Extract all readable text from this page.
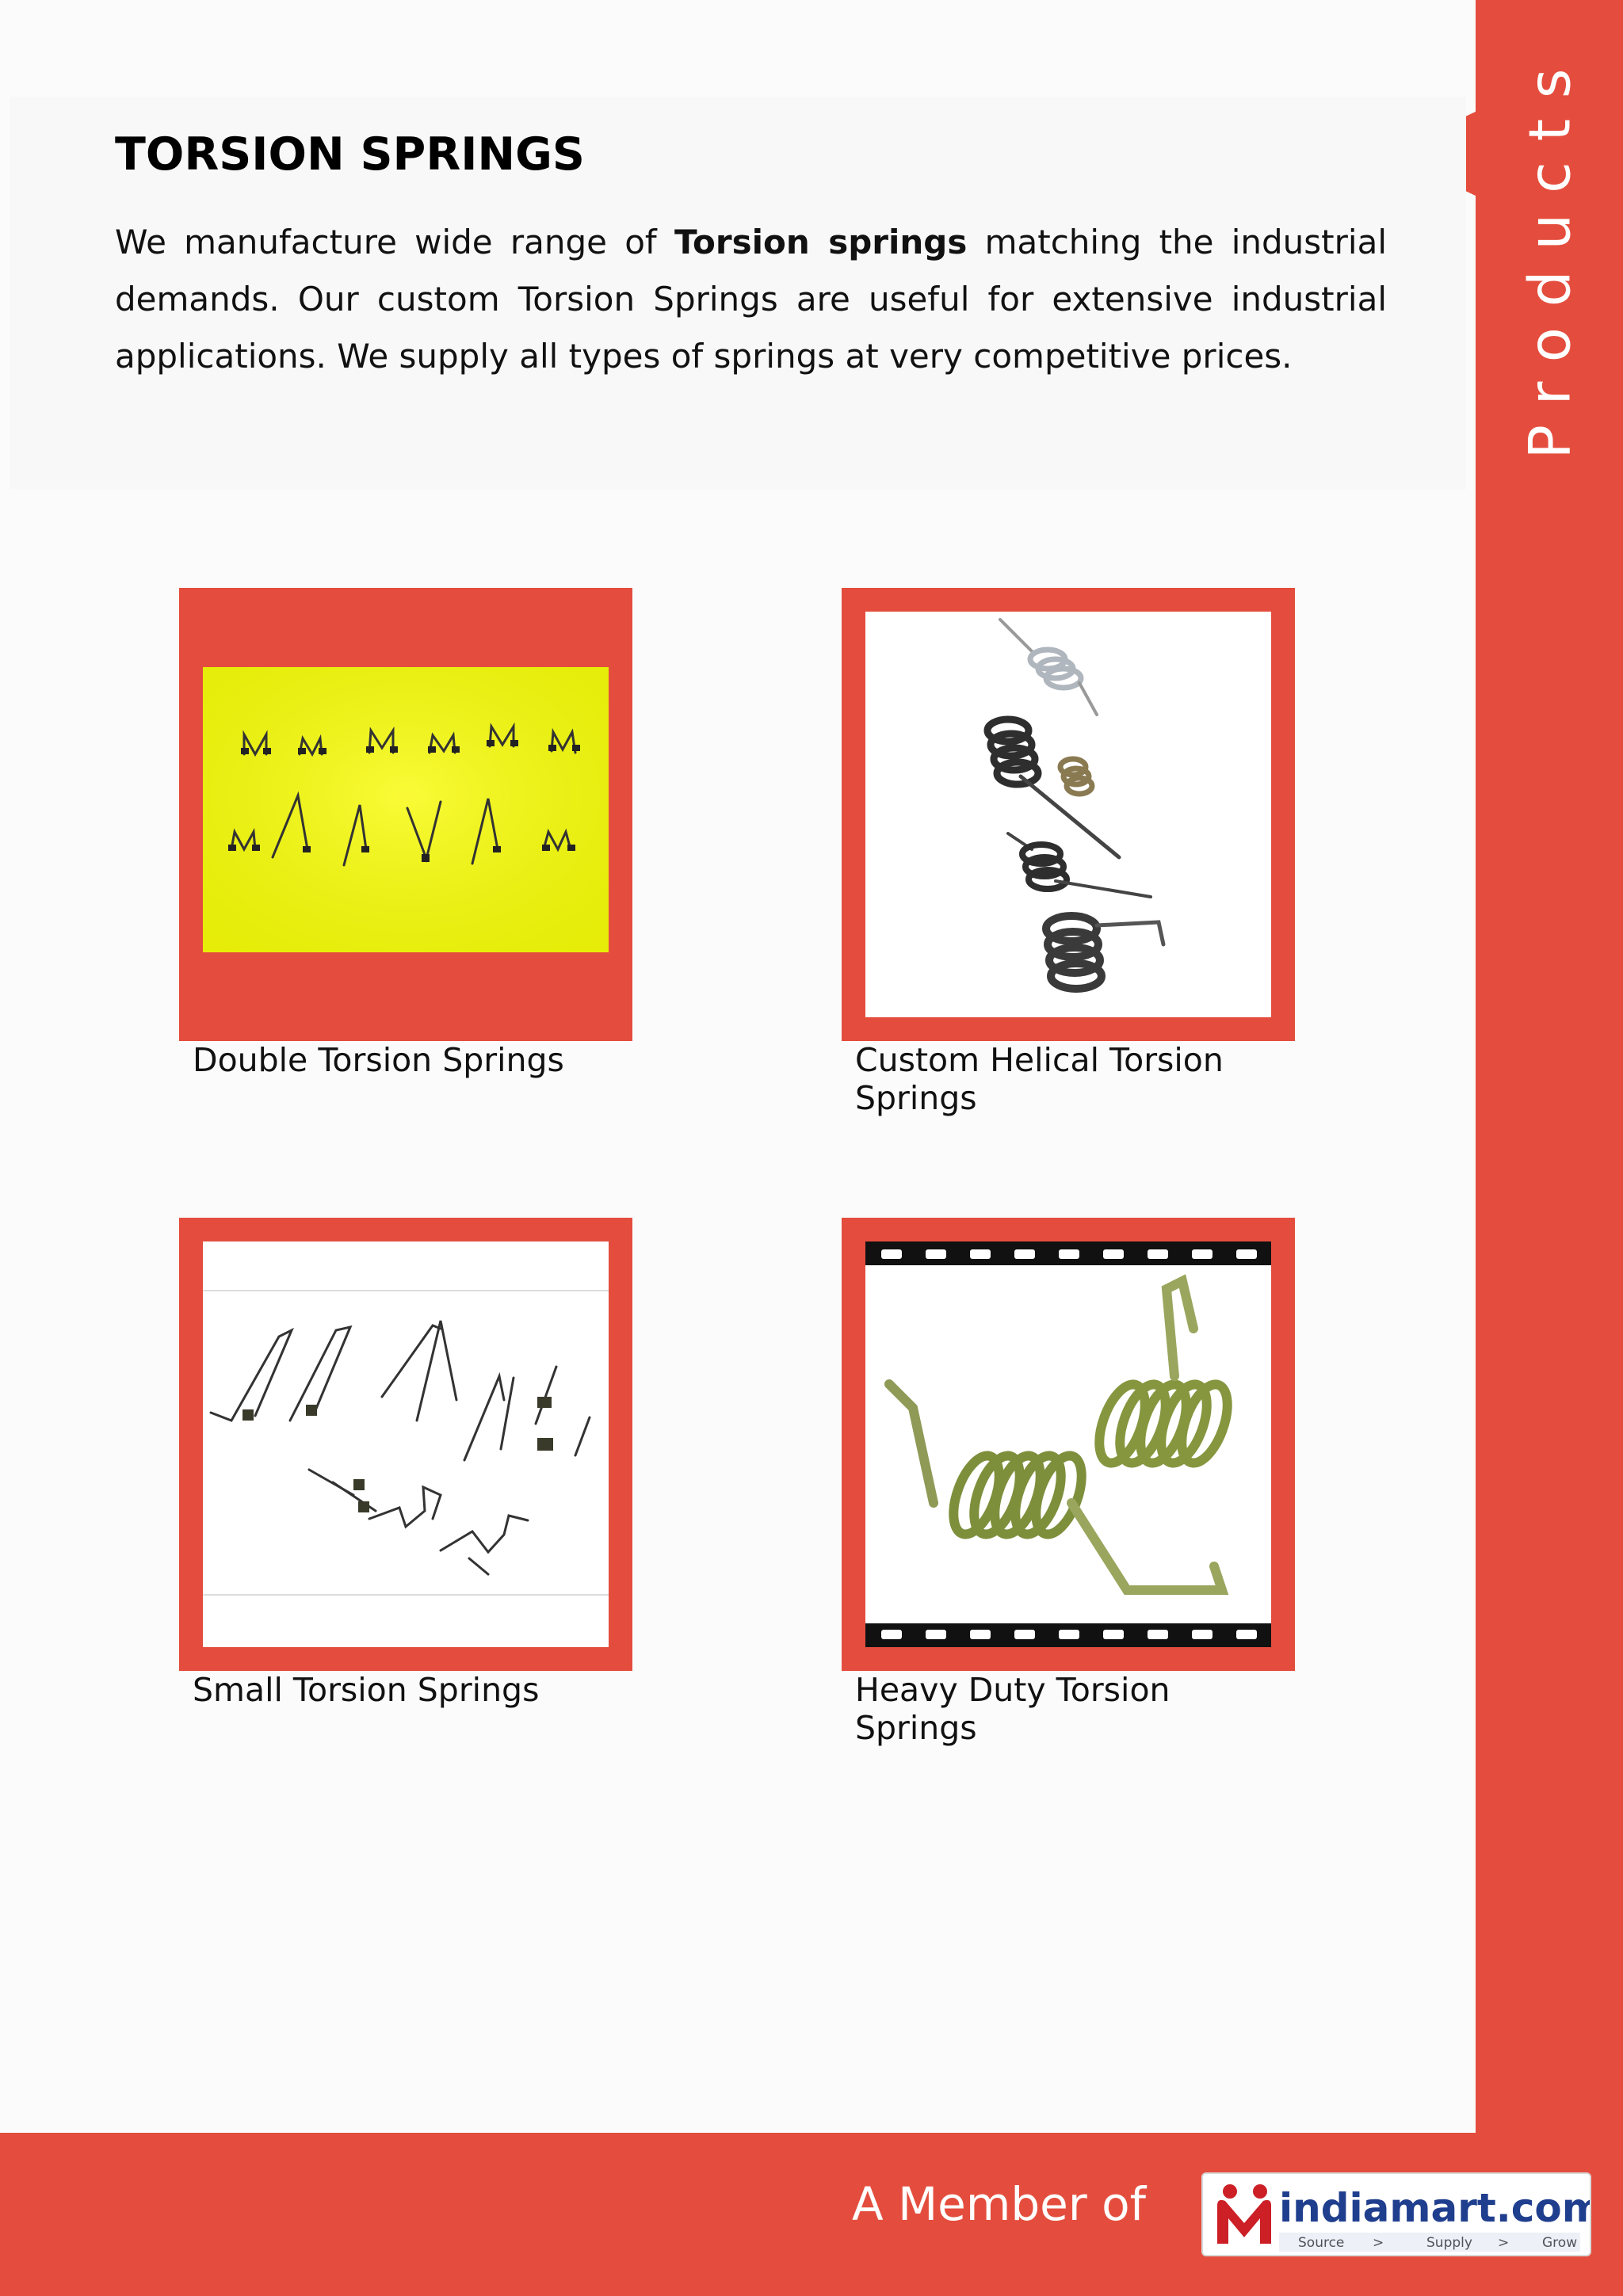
Products
TORSION SPRINGS

We manufacture wide range of Torsion springs matching the industrial demands. Our custom Torsion Springs are useful for extensive industrial applications. We supply all types of springs at very competitive prices.

Double Torsion Springs	Custom Helical Torsion Springs
Small Torsion Springs	Heavy Duty Torsion Springs
A Member of	indiamart.com
Source >	Supply > Grow
